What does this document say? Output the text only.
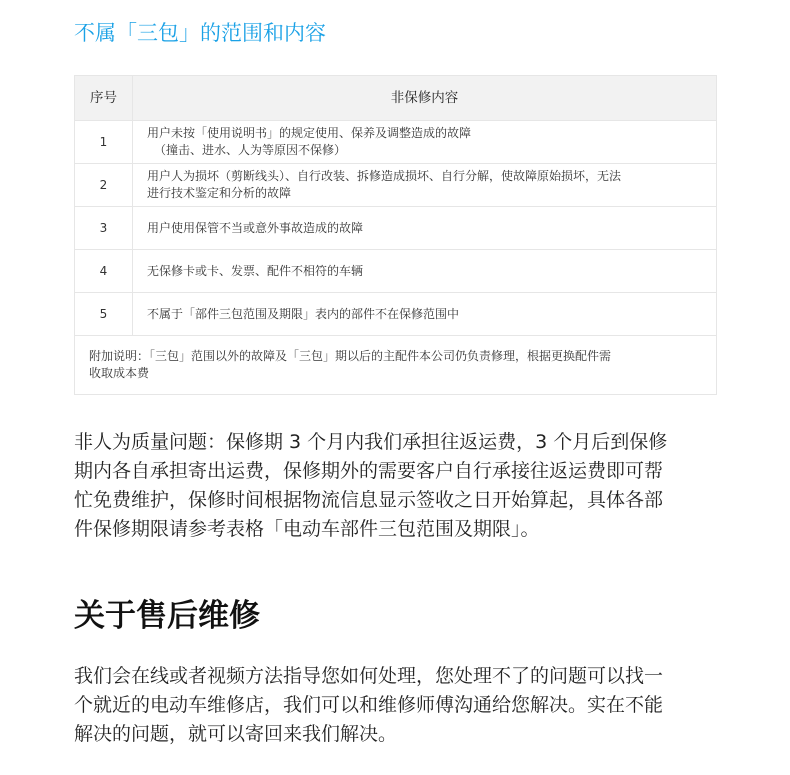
不属「三包」的范围和内容
序号	非保修内容
1	用户未按「使用说明书」的规定使用、保养及调整造成的故障
（撞击、进水、人为等原因不保修）

2	用户人为损坏（剪断线头）、自行改装、拆修造成损坏、自行分解，使故障原始损坏，无法
进行技术鉴定和分析的故障

3	用户使用保管不当或意外事故造成的故障

4	无保修卡或卡、发票、配件不相符的车辆

5	不属于「部件三包范围及期限」表内的部件不在保修范围中

附加说明：「三包」范围以外的故障及「三包」期以后的主配件本公司仍负责修理，根据更换配件需
收取成本费	
非人为质量问题：保修期 3 个月内我们承担往返运费，3 个月后到保修
期内各自承担寄出运费，保修期外的需要客户自行承接往返运费即可帮
忙免费维护，保修时间根据物流信息显示签收之日开始算起，具体各部
件保修期限请参考表格「电动车部件三包范围及期限」。
关于售后维修
我们会在线或者视频方法指导您如何处理，您处理不了的问题可以找一
个就近的电动车维修店，我们可以和维修师傅沟通给您解决。实在不能
解决的问题，就可以寄回来我们解决。
